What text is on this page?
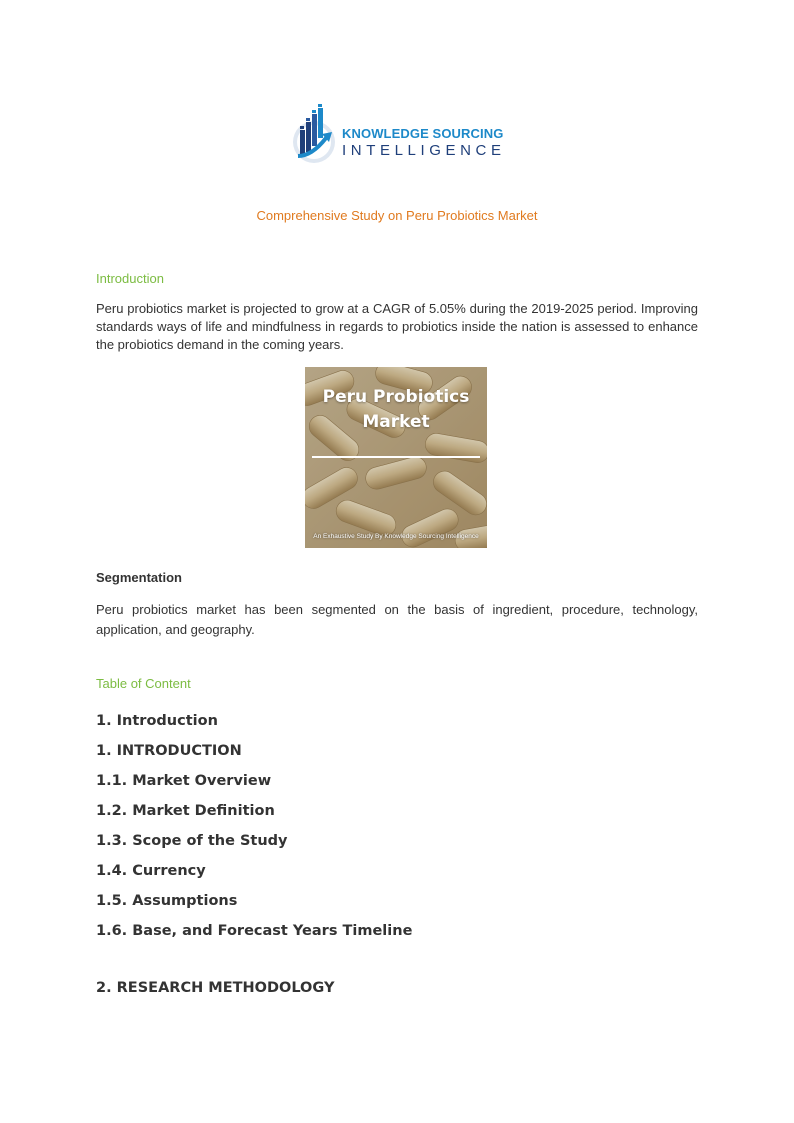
KNOWLEDGE SOURCING
INTELLIGENCE
Comprehensive Study on Peru Probiotics Market
Introduction

Peru probiotics market is projected to grow at a CAGR of 5.05% during the 2019-2025 period. Improving standards ways of life and mindfulness in regards to probiotics inside the nation is assessed to enhance the probiotics demand in the coming years.

Peru Probiotics
Market
An Exhaustive Study By Knowledge Sourcing Intelligence
Segmentation

Peru probiotics market has been segmented on the basis of ingredient, procedure, technology, application, and geography.

Table of Content
1. Introduction
1. INTRODUCTION
1.1. Market Overview
1.2. Market Definition
1.3. Scope of the Study
1.4. Currency
1.5. Assumptions
1.6. Base, and Forecast Years Timeline
2. RESEARCH METHODOLOGY
